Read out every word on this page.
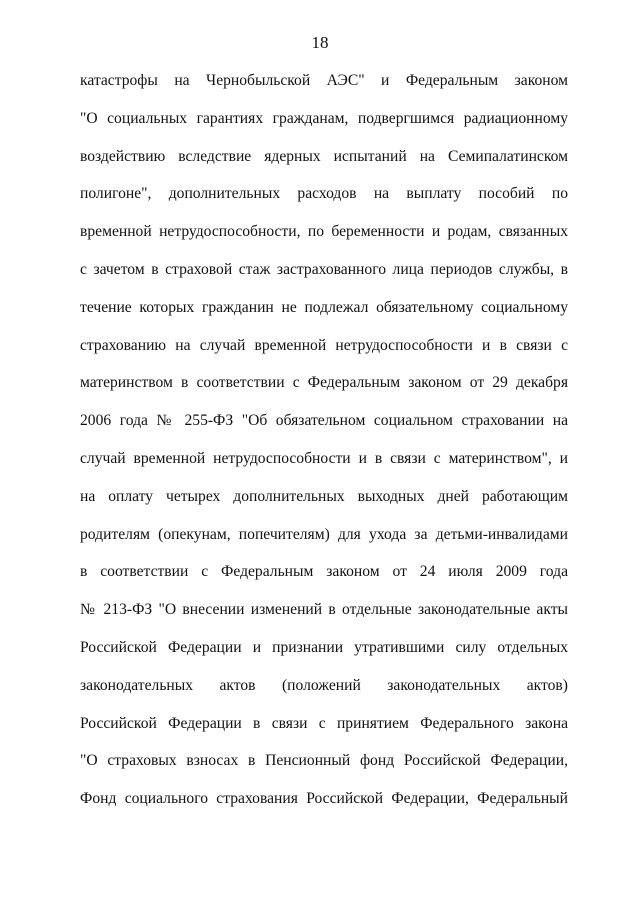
18
катастрофы на Чернобыльской АЭС" и Федеральным законом
"О социальных гарантиях гражданам, подвергшимся радиационному
воздействию вследствие ядерных испытаний на Семипалатинском
полигоне", дополнительных расходов на выплату пособий по
временной нетрудоспособности, по беременности и родам, связанных
с зачетом в страховой стаж застрахованного лица периодов службы, в
течение которых гражданин не подлежал обязательному социальному
страхованию на случай временной нетрудоспособности и в связи с
материнством в соответствии с Федеральным законом от 29 декабря
2006 года № 255-ФЗ "Об обязательном социальном страховании на
случай временной нетрудоспособности и в связи с материнством", и
на оплату четырех дополнительных выходных дней работающим
родителям (опекунам, попечителям) для ухода за детьми-инвалидами
в соответствии с Федеральным законом от 24 июля 2009 года
№ 213-ФЗ "О внесении изменений в отдельные законодательные акты
Российской Федерации и признании утратившими силу отдельных
законодательных актов (положений законодательных актов)
Российской Федерации в связи с принятием Федерального закона
"О страховых взносах в Пенсионный фонд Российской Федерации,
Фонд социального страхования Российской Федерации, Федеральный
